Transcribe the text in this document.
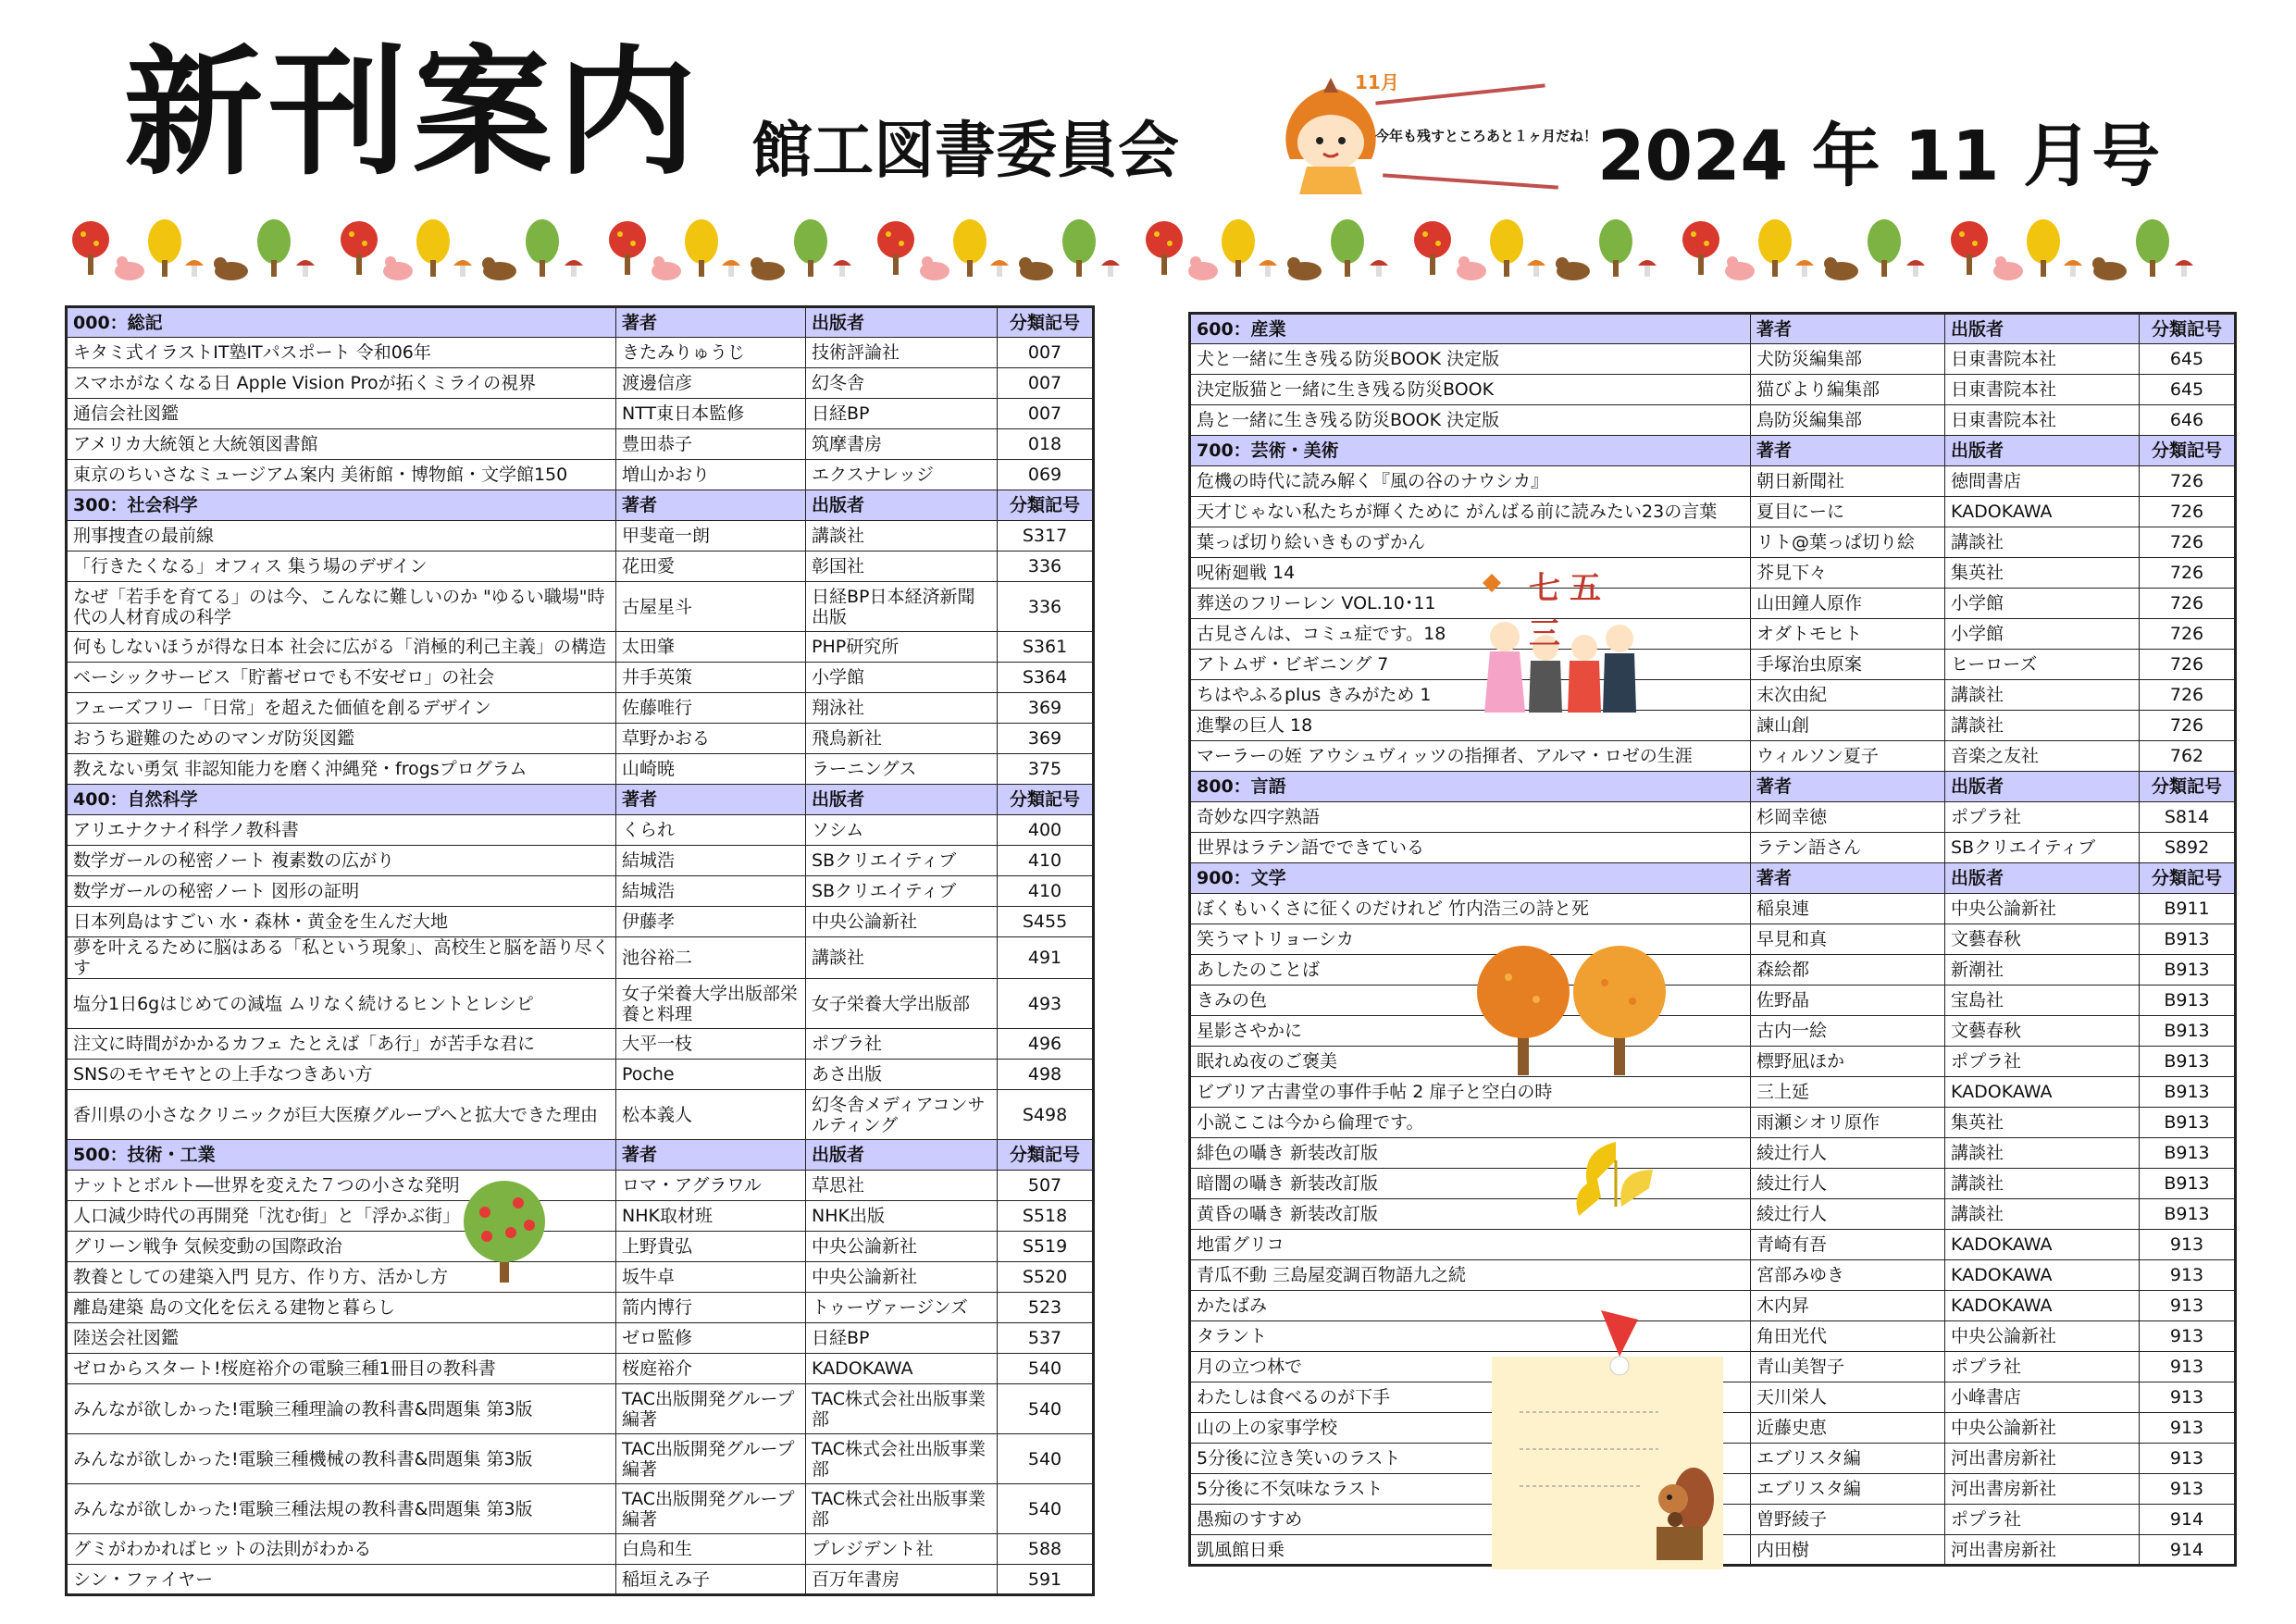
新刊案内 館工図書委員会	2024 年 11 月号
11月
今年も残すところあと１ヶ月だね！
000：総記	著者	出版者	分類記号
キタミ式イラストIT塾ITパスポート 令和06年	きたみりゅうじ	技術評論社	007
スマホがなくなる日 Apple Vision Proが拓くミライの視界	渡邊信彦	幻冬舎	007
通信会社図鑑	NTT東日本監修	日経BP	007
アメリカ大統領と大統領図書館	豊田恭子	筑摩書房	018
東京のちいさなミュージアム案内 美術館・博物館・文学館150	増山かおり	エクスナレッジ	069
300：社会科学	著者	出版者	分類記号
刑事捜査の最前線	甲斐竜一朗	講談社	S317
「行きたくなる」オフィス 集う場のデザイン	花田愛	彰国社	336
なぜ「若手を育てる」のは今、こんなに難しいのか "ゆるい職場"時代の人材育成の科学	古屋星斗	日経BP日本経済新聞出版	336
何もしないほうが得な日本 社会に広がる「消極的利己主義」の構造	太田肇	PHP研究所	S361
ベーシックサービス「貯蓄ゼロでも不安ゼロ」の社会	井手英策	小学館	S364
フェーズフリー「日常」を超えた価値を創るデザイン	佐藤唯行	翔泳社	369
おうち避難のためのマンガ防災図鑑	草野かおる	飛鳥新社	369
教えない勇気 非認知能力を磨く沖縄発・frogsプログラム	山崎暁	ラーニングス	375
400：自然科学	著者	出版者	分類記号
アリエナクナイ科学ノ教科書	くられ	ソシム	400
数学ガールの秘密ノート 複素数の広がり	結城浩	SBクリエイティブ	410
数学ガールの秘密ノート 図形の証明	結城浩	SBクリエイティブ	410
日本列島はすごい 水・森林・黄金を生んだ大地	伊藤孝	中央公論新社	S455
夢を叶えるために脳はある「私という現象」、高校生と脳を語り尽くす	池谷裕二	講談社	491
塩分1日6gはじめての減塩 ムリなく続けるヒントとレシピ	女子栄養大学出版部栄養と料理	女子栄養大学出版部	493
注文に時間がかかるカフェ たとえば「あ行」が苦手な君に	大平一枝	ポプラ社	496
SNSのモヤモヤとの上手なつきあい方	Poche	あさ出版	498
香川県の小さなクリニックが巨大医療グループへと拡大できた理由	松本義人	幻冬舎メディアコンサルティング	S498
500：技術・工業	著者	出版者	分類記号
ナットとボルト―世界を変えた７つの小さな発明	ロマ・アグラワル	草思社	507
人口減少時代の再開発「沈む街」と「浮かぶ街」	NHK取材班	NHK出版	S518
グリーン戦争 気候変動の国際政治	上野貴弘	中央公論新社	S519
教養としての建築入門 見方、作り方、活かし方	坂牛卓	中央公論新社	S520
離島建築 島の文化を伝える建物と暮らし	箭内博行	トゥーヴァージンズ	523
陸送会社図鑑	ゼロ監修	日経BP	537
ゼロからスタート!桜庭裕介の電験三種1冊目の教科書	桜庭裕介	KADOKAWA	540
みんなが欲しかった!電験三種理論の教科書&問題集 第3版	TAC出版開発グループ編著	TAC株式会社出版事業部	540
みんなが欲しかった!電験三種機械の教科書&問題集 第3版	TAC出版開発グループ編著	TAC株式会社出版事業部	540
みんなが欲しかった!電験三種法規の教科書&問題集 第3版	TAC出版開発グループ編著	TAC株式会社出版事業部	540
グミがわかればヒットの法則がわかる	白鳥和生	プレジデント社	588
シン・ファイヤー	稲垣えみ子	百万年書房	591
600：産業	著者	出版者	分類記号
犬と一緒に生き残る防災BOOK 決定版	犬防災編集部	日東書院本社	645
決定版猫と一緒に生き残る防災BOOK	猫びより編集部	日東書院本社	645
鳥と一緒に生き残る防災BOOK 決定版	鳥防災編集部	日東書院本社	646
700：芸術・美術	著者	出版者	分類記号
危機の時代に読み解く『風の谷のナウシカ』	朝日新聞社	徳間書店	726
天才じゃない私たちが輝くために がんばる前に読みたい23の言葉	夏目にーに	KADOKAWA	726
葉っぱ切り絵いきものずかん	リト@葉っぱ切り絵	講談社	726
呪術廻戦 14	芥見下々	集英社	726
葬送のフリーレン VOL.10･11	山田鐘人原作	小学館	726
古見さんは、コミュ症です。18	オダトモヒト	小学館	726
アトムザ・ビギニング 7	手塚治虫原案	ヒーローズ	726
ちはやふるplus きみがため 1	末次由紀	講談社	726
進撃の巨人 18	諫山創	講談社	726
マーラーの姪 アウシュヴィッツの指揮者、アルマ・ロゼの生涯	ウィルソン夏子	音楽之友社	762
800：言語	著者	出版者	分類記号
奇妙な四字熟語	杉岡幸徳	ポプラ社	S814
世界はラテン語でできている	ラテン語さん	SBクリエイティブ	S892
900：文学	著者	出版者	分類記号
ぼくもいくさに征くのだけれど 竹内浩三の詩と死	稲泉連	中央公論新社	B911
笑うマトリョーシカ	早見和真	文藝春秋	B913
あしたのことば	森絵都	新潮社	B913
きみの色	佐野晶	宝島社	B913
星影さやかに	古内一絵	文藝春秋	B913
眠れぬ夜のご褒美	標野凪ほか	ポプラ社	B913
ビブリア古書堂の事件手帖 2 扉子と空白の時	三上延	KADOKAWA	B913
小説ここは今から倫理です。	雨瀬シオリ原作	集英社	B913
緋色の囁き 新装改訂版	綾辻行人	講談社	B913
暗闇の囁き 新装改訂版	綾辻行人	講談社	B913
黄昏の囁き 新装改訂版	綾辻行人	講談社	B913
地雷グリコ	青崎有吾	KADOKAWA	913
青瓜不動 三島屋変調百物語九之続	宮部みゆき	KADOKAWA	913
かたばみ	木内昇	KADOKAWA	913
タラント	角田光代	中央公論新社	913
月の立つ林で	青山美智子	ポプラ社	913
わたしは食べるのが下手	天川栄人	小峰書店	913
山の上の家事学校	近藤史恵	中央公論新社	913
5分後に泣き笑いのラスト	エブリスタ編	河出書房新社	913
5分後に不気味なラスト	エブリスタ編	河出書房新社	913
愚痴のすすめ	曽野綾子	ポプラ社	914
凱風館日乗	内田樹	河出書房新社	914
七五三
